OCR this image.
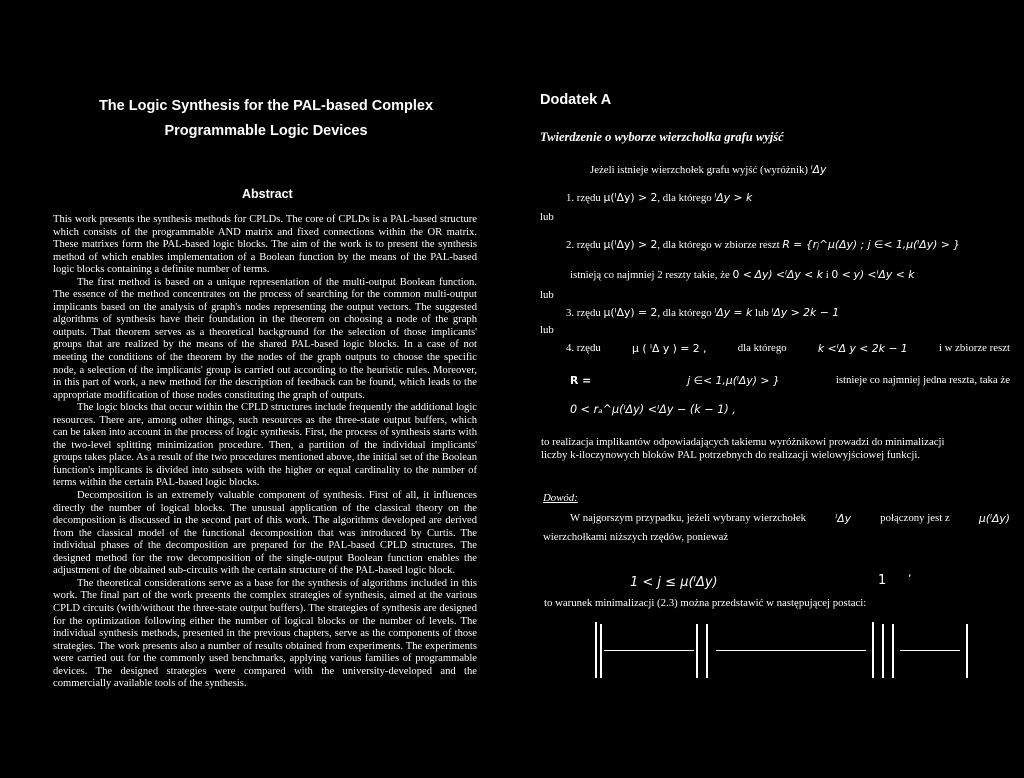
The Logic Synthesis for the PAL-based Complex
Programmable Logic Devices
Abstract

This work presents the synthesis methods for CPLDs. The core of CPLDs is a PAL-based structure which consists of the programmable AND matrix and fixed connections within the OR matrix. These matrixes form the PAL-based logic blocks. The aim of the work is to present the synthesis method of which enables implementation of a Boolean function by the means of the PAL-based logic blocks containing a definite number of terms.

The first method is based on a unique representation of the multi-output Boolean function. The essence of the method concentrates on the process of searching for the common multi-output implicants based on the analysis of graph's nodes representing the output vectors. The suggested algorithms of synthesis have their foundation in the theorem on choosing a node of the graph outputs. That theorem serves as a theoretical background for the selection of those implicants' groups that are realized by the means of the shared PAL-based logic blocks. In a case of not meeting the conditions of the theorem by the nodes of the graph outputs to choose the specific node, a selection of the implicants' group is carried out according to the heuristic rules. Moreover, in this part of work, a new method for the description of feedback can be found, which leads to the appropriate modification of those nodes constituting the graph of outputs.

The logic blocks that occur within the CPLD structures include frequently the additional logic resources. There are, among other things, such resources as the three-state output buffers, which can be taken into account in the process of logic synthesis. First, the process of synthesis starts with the two-level splitting minimization procedure. Then, a partition of the individual implicants' groups takes place. As a result of the two procedures mentioned above, the initial set of the Boolean function's implicants is divided into subsets with the higher or equal cardinality to the number of terms within the certain PAL-based logic blocks.

Decomposition is an extremely valuable component of synthesis. First of all, it influences directly the number of logical blocks. The unusual application of the classical theory on the decomposition is discussed in the second part of this work. The algorithms developed are derived from the classical model of the functional decomposition that was introduced by Curtis. The individual phases of the decomposition are prepared for the PAL-based CPLD structures. The designed method for the row decomposition of the single-output Boolean function enables the adjustment of the obtained sub-circuits with the certain structure of the PAL-based logic block.

The theoretical considerations serve as a base for the synthesis of algorithms included in this work. The final part of the work presents the complex strategies of synthesis, aimed at the various CPLD circuits (with/without the three-state output buffers). The strategies of synthesis are designed for the optimization following either the number of logical blocks or the number of levels. The individual synthesis methods, presented in the previous chapters, serve as the components of those strategies. The work presents also a number of results obtained from experiments. The experiments were carried out for the commonly used benchmarks, applying various families of programmable devices. The designed strategies were compared with the university-developed and the commercially available tools of the synthesis.

Dodatek A
Twierdzenie o wyborze wierzchołka grafu wyjść
Jeżeli istnieje wierzchołek grafu wyjść (wyróżnik) ᴵΔy
1. rzędu μ(ᴵΔy) > 2, dla którego ᴵΔy > k
lub
2. rzędu μ(ᴵΔy) > 2, dla którego w zbiorze reszt R = {rⱼ^μ(Δy) ; j ∈< 1,μ(ᴵΔy) > }
istnieją co najmniej 2 reszty takie, że 0 < Δy) <ᴵΔy < k i 0 < y) <ᴵΔy < k
lub
3. rzędu μ(ᴵΔy) = 2, dla którego ᴵΔy = k lub ᴵΔy > 2k − 1
lub
4. rzędu	μ ( ᴵΔ y ) = 2 ,	dla którego	k <ᴵΔ y < 2k − 1	i w zbiorze reszt
R =	j ∈< 1,μ(ᴵΔy) > }	istnieje co najmniej jedna reszta, taka że
0 < rₐ^μ(ᴵΔy) <ᴵΔy − (k − 1) ,
to realizacja implikantów odpowiadających takiemu wyróżnikowi prowadzi do minimalizacji
liczby k-iloczynowych bloków PAL potrzebnych do realizacji wielowyjściowej funkcji.
Dowód:
W najgorszym przypadku, jeżeli wybrany wierzchołek	ᴵΔy	połączony jest z	μ(ᴵΔy)
wierzchołkami niższych rzędów, ponieważ
1 < j ≤ μ(ᴵΔy)	1
,
to warunek minimalizacji (2.3) można przedstawić w następującej postaci:
